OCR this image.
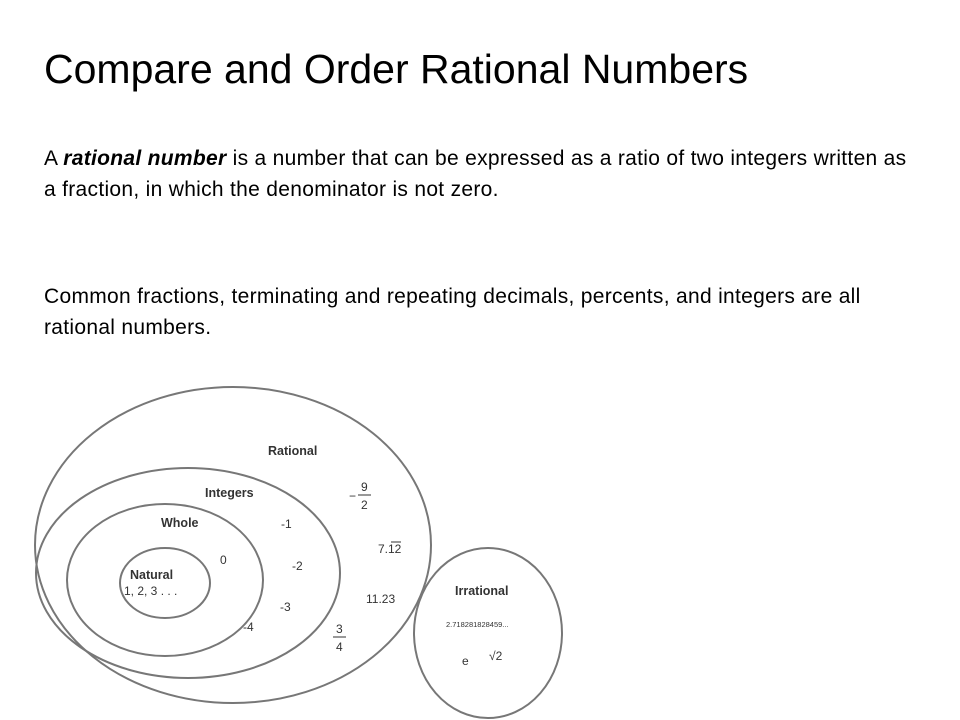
Compare and Order Rational Numbers
A rational number is a number that can be expressed as a ratio of two integers written as a fraction, in which the denominator is not zero.
Common fractions, terminating and repeating decimals, percents, and integers are all rational numbers.
Rational
Integers
Whole
Natural
1, 2, 3 . . .	Irrational
−
9
2
7.12
11.23
3
4
-1
-2
-3
-4
0
2.718281828459...
e √2
